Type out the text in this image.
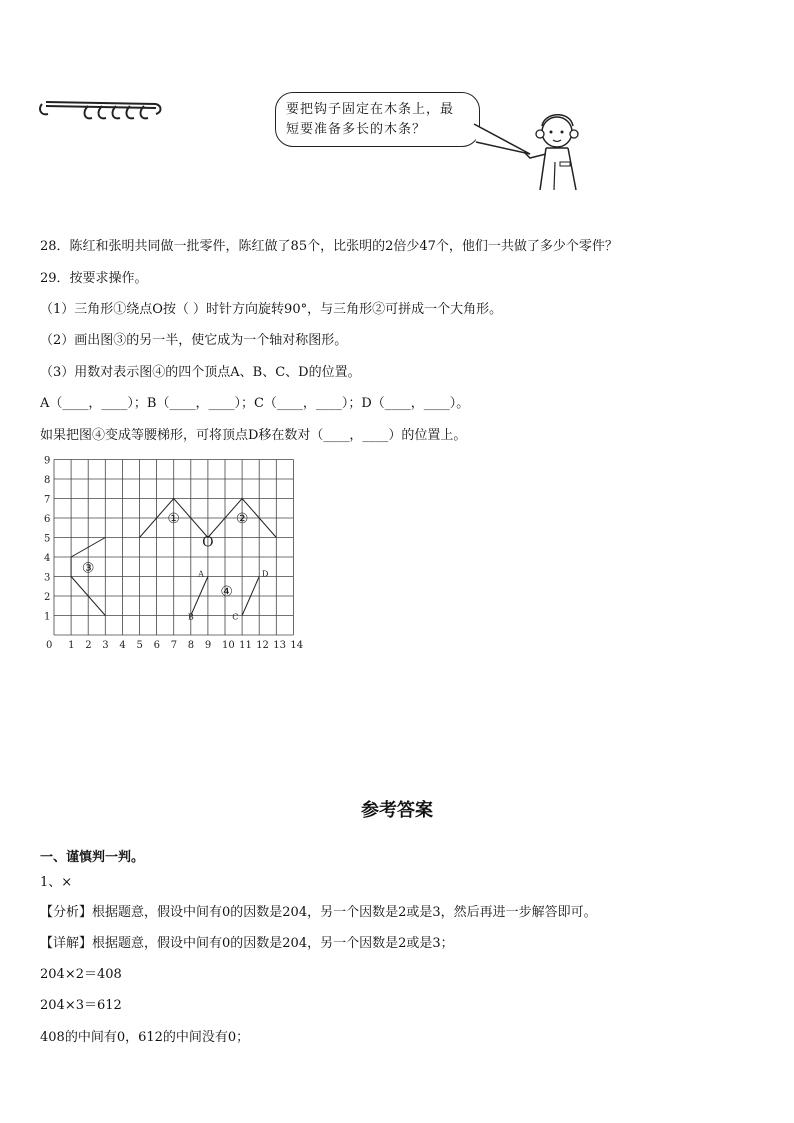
要把钩子固定在木条上，最
短要准备多长的木条？
28．陈红和张明共同做一批零件，陈红做了85个，比张明的2倍少47个，他们一共做了多少个零件？
29．按要求操作。
（1）三角形①绕点O按（ ）时针方向旋转90°，与三角形②可拼成一个大角形。
（2）画出图③的另一半，使它成为一个轴对称图形。
（3）用数对表示图④的四个顶点A、B、C、D的位置。
A（____，____）；B（____，____）；C（____，____）；D（____，____）。
如果把图④变成等腰梯形，可将顶点D移在数对（____，____）的位置上。
0 1 2 3 4 5 6 7 8 9 10 11 12 13 14
1
2
3
4
5
6
7
8
9
①	②
③
④
O
A
B	C
D
参考答案
一、谨慎判一判。
1、×
【分析】根据题意，假设中间有0的因数是204，另一个因数是2或是3，然后再进一步解答即可。
【详解】根据题意，假设中间有0的因数是204，另一个因数是2或是3；
204×2＝408
204×3＝612
408的中间有0，612的中间没有0；
